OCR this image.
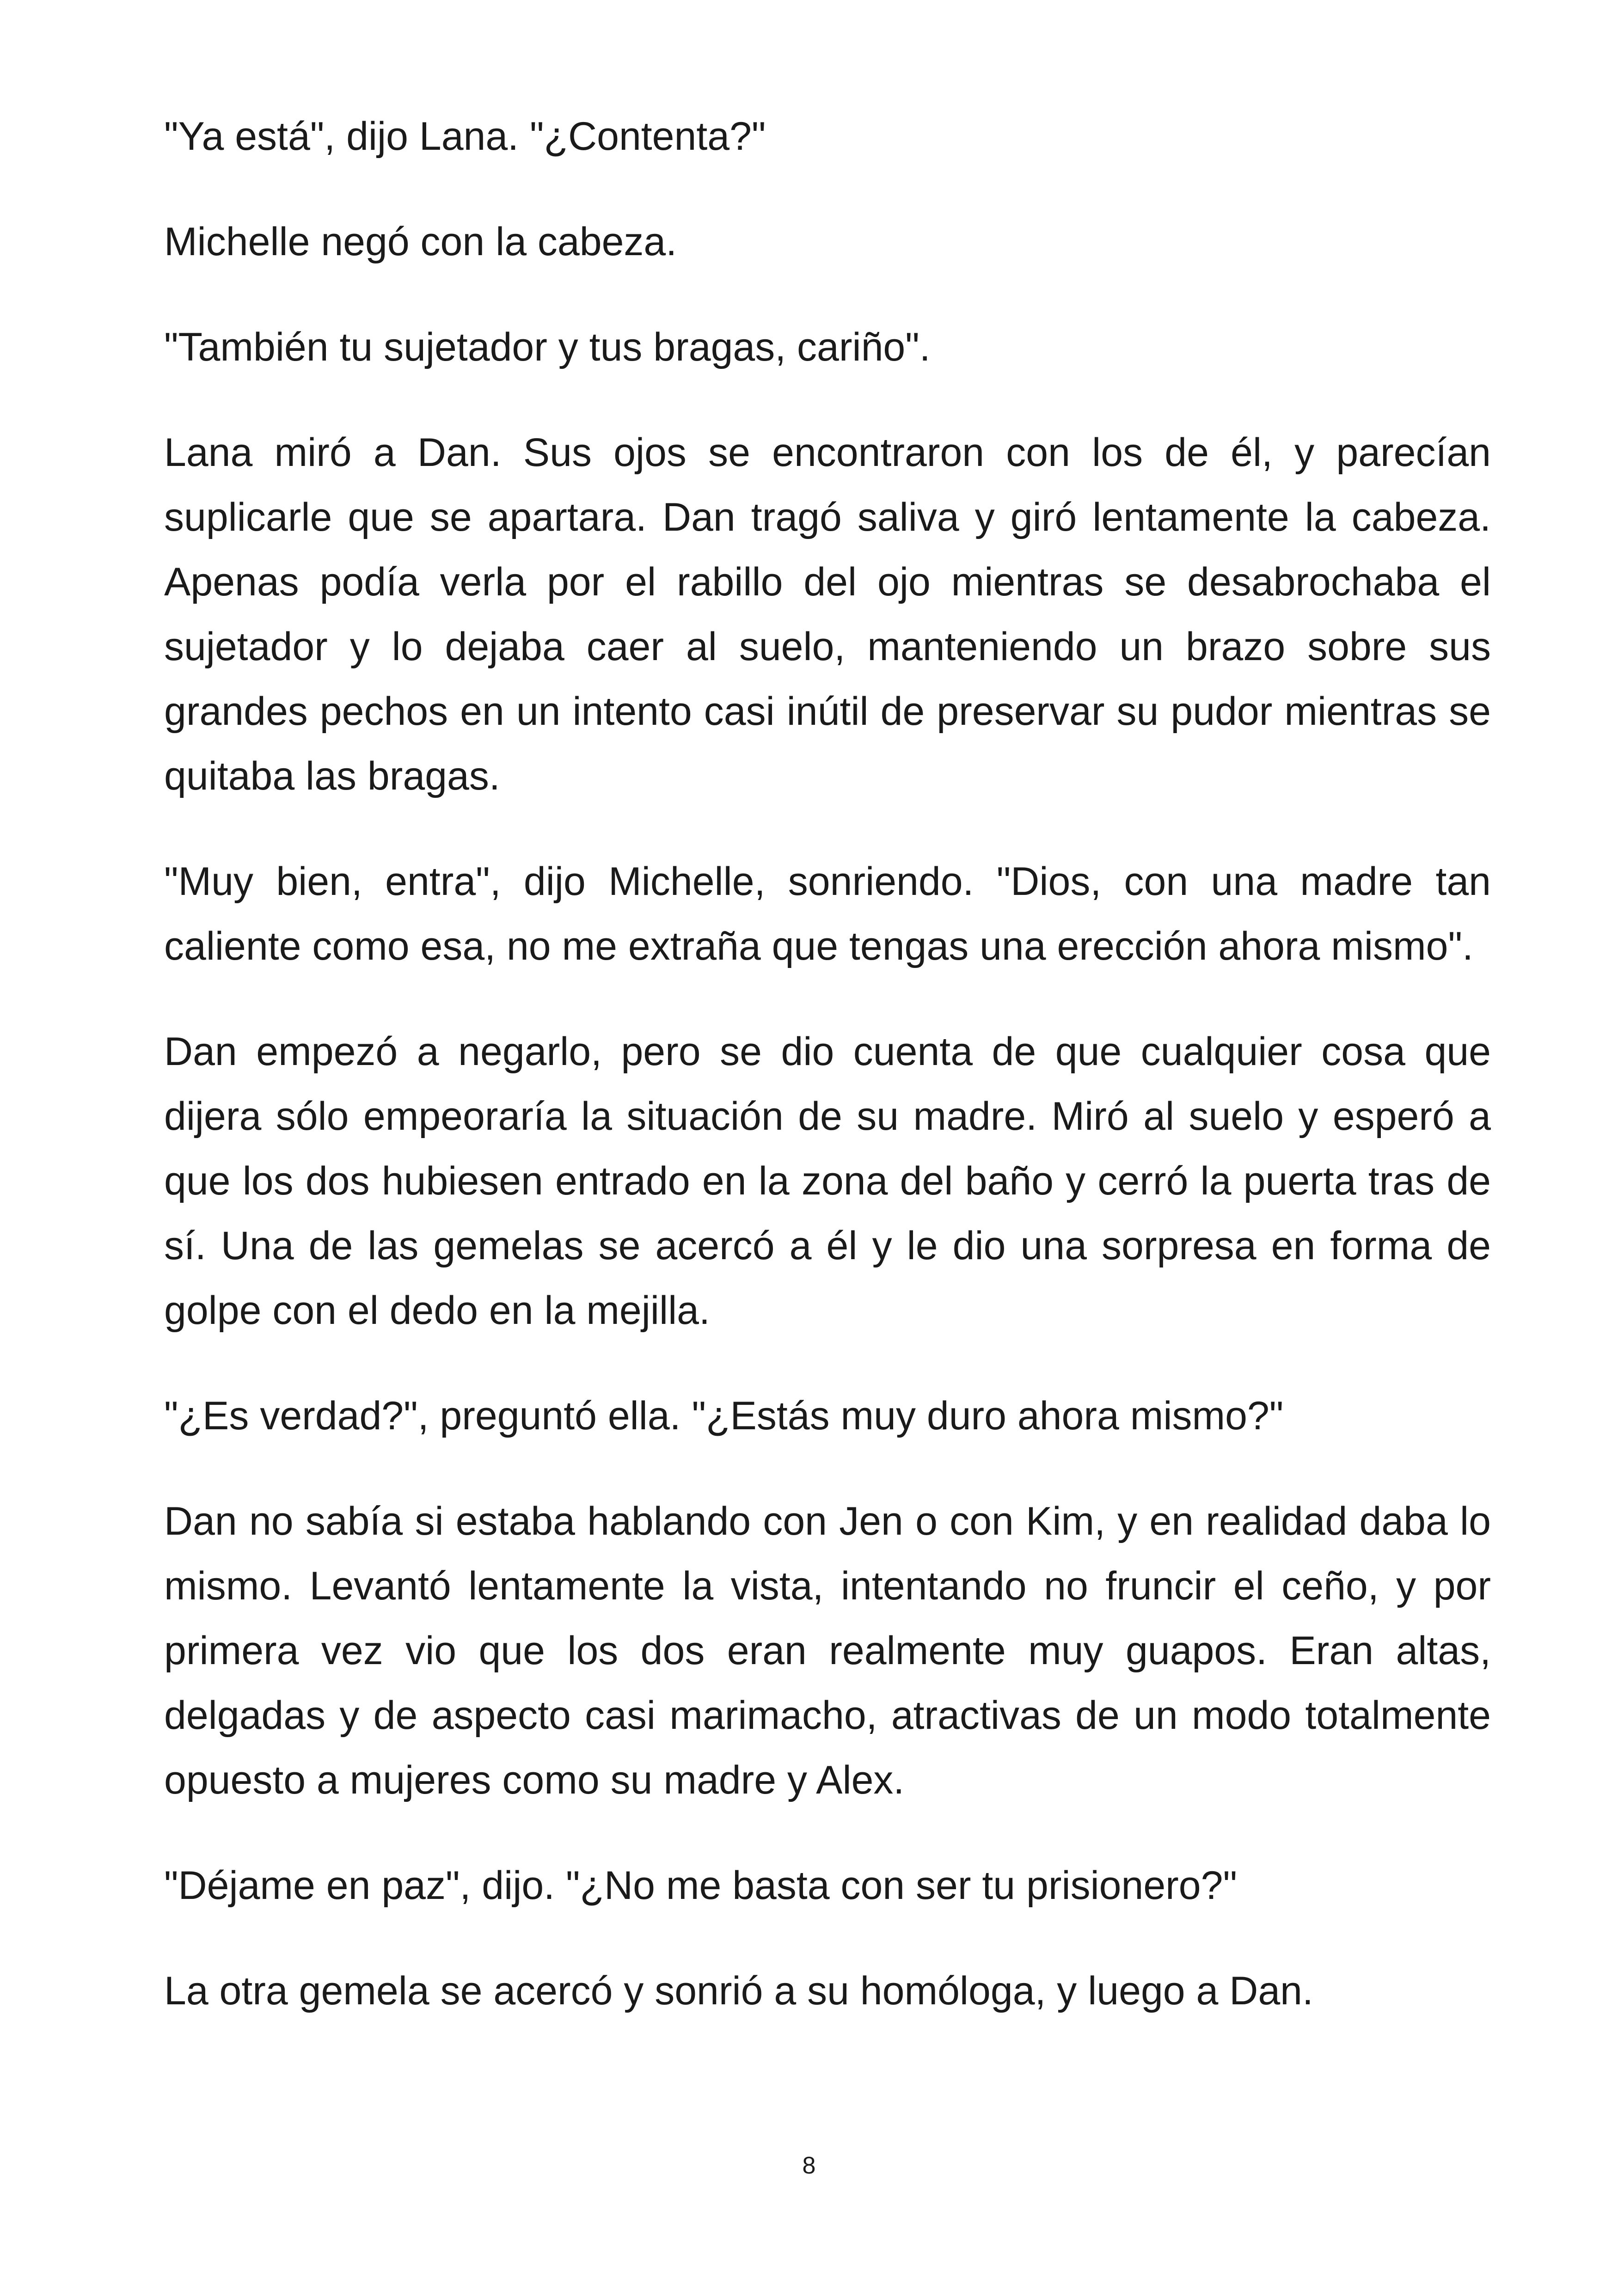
"Ya está", dijo Lana. "¿Contenta?"

Michelle negó con la cabeza.

"También tu sujetador y tus bragas, cariño".

Lana miró a Dan. Sus ojos se encontraron con los de él, y parecían suplicarle que se apartara. Dan tragó saliva y giró lentamente la cabeza. Apenas podía verla por el rabillo del ojo mientras se desabrochaba el sujetador y lo dejaba caer al suelo, manteniendo un brazo sobre sus grandes pechos en un intento casi inútil de preservar su pudor mientras se quitaba las bragas.

"Muy bien, entra", dijo Michelle, sonriendo. "Dios, con una madre tan caliente como esa, no me extraña que tengas una erección ahora mismo".

Dan empezó a negarlo, pero se dio cuenta de que cualquier cosa que dijera sólo empeoraría la situación de su madre. Miró al suelo y esperó a que los dos hubiesen entrado en la zona del baño y cerró la puerta tras de sí. Una de las gemelas se acercó a él y le dio una sorpresa en forma de golpe con el dedo en la mejilla.

"¿Es verdad?", preguntó ella. "¿Estás muy duro ahora mismo?"

Dan no sabía si estaba hablando con Jen o con Kim, y en realidad daba lo mismo. Levantó lentamente la vista, intentando no fruncir el ceño, y por primera vez vio que los dos eran realmente muy guapos. Eran altas, delgadas y de aspecto casi marimacho, atractivas de un modo totalmente opuesto a mujeres como su madre y Alex.

"Déjame en paz", dijo. "¿No me basta con ser tu prisionero?"

La otra gemela se acercó y sonrió a su homóloga, y luego a Dan.

8
